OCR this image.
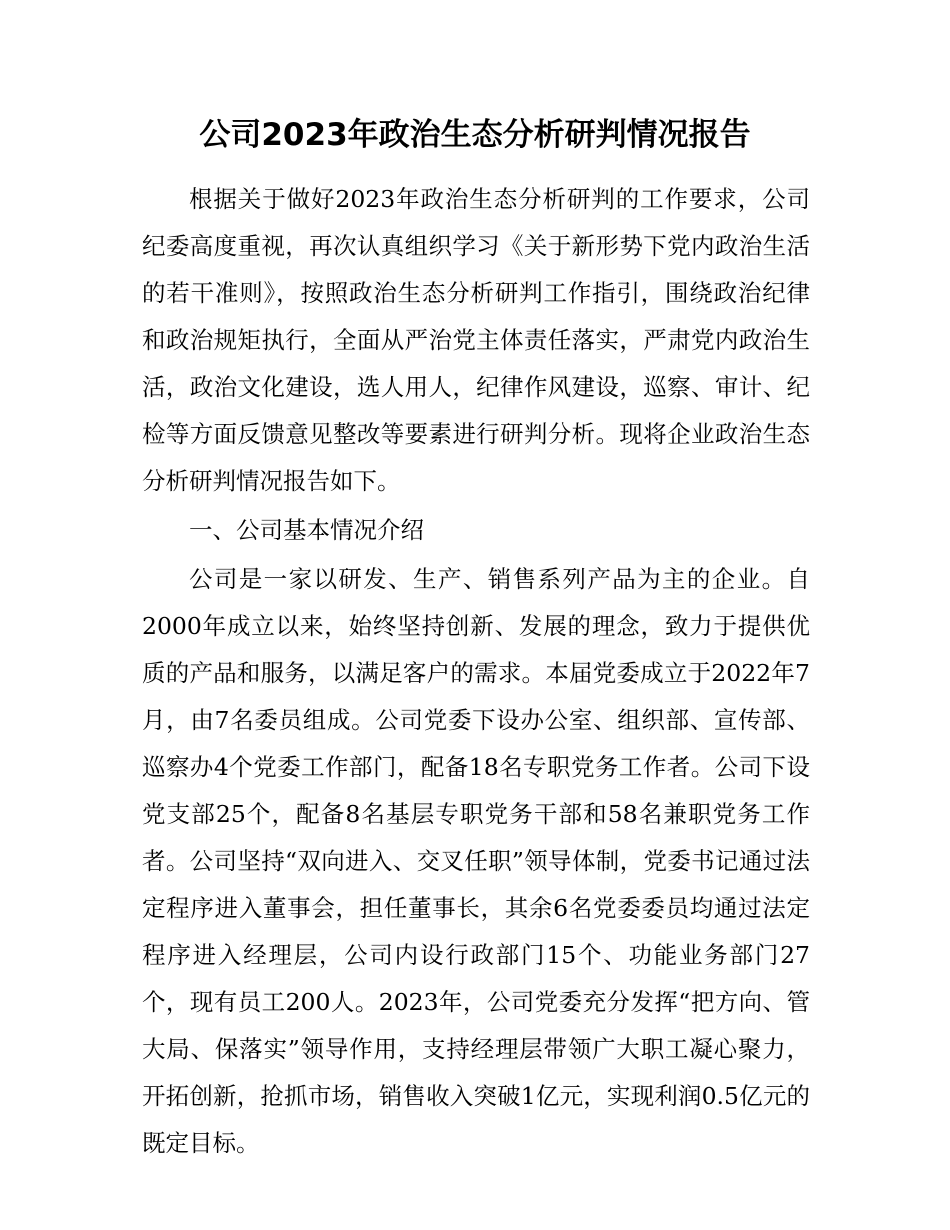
公司2023年政治生态分析研判情况报告

根据关于做好2023年政治生态分析研判的工作要求，公司纪委高度重视，再次认真组织学习《关于新形势下党内政治生活的若干准则》，按照政治生态分析研判工作指引，围绕政治纪律和政治规矩执行，全面从严治党主体责任落实，严肃党内政治生活，政治文化建设，选人用人，纪律作风建设，巡察、审计、纪检等方面反馈意见整改等要素进行研判分析。现将企业政治生态分析研判情况报告如下。

一、公司基本情况介绍

公司是一家以研发、生产、销售系列产品为主的企业。自2000年成立以来，始终坚持创新、发展的理念，致力于提供优质的产品和服务，以满足客户的需求。本届党委成立于2022年7月，由7名委员组成。公司党委下设办公室、组织部、宣传部、巡察办4个党委工作部门，配备18名专职党务工作者。公司下设党支部25个，配备8名基层专职党务干部和58名兼职党务工作者。公司坚持“双向进入、交叉任职”领导体制，党委书记通过法定程序进入董事会，担任董事长，其余6名党委委员均通过法定程序进入经理层，公司内设行政部门15个、功能业务部门27个，现有员工200人。2023年，公司党委充分发挥“把方向、管大局、保落实”领导作用，支持经理层带领广大职工凝心聚力，开拓创新，抢抓市场，销售收入突破1亿元，实现利润0.5亿元的既定目标。
